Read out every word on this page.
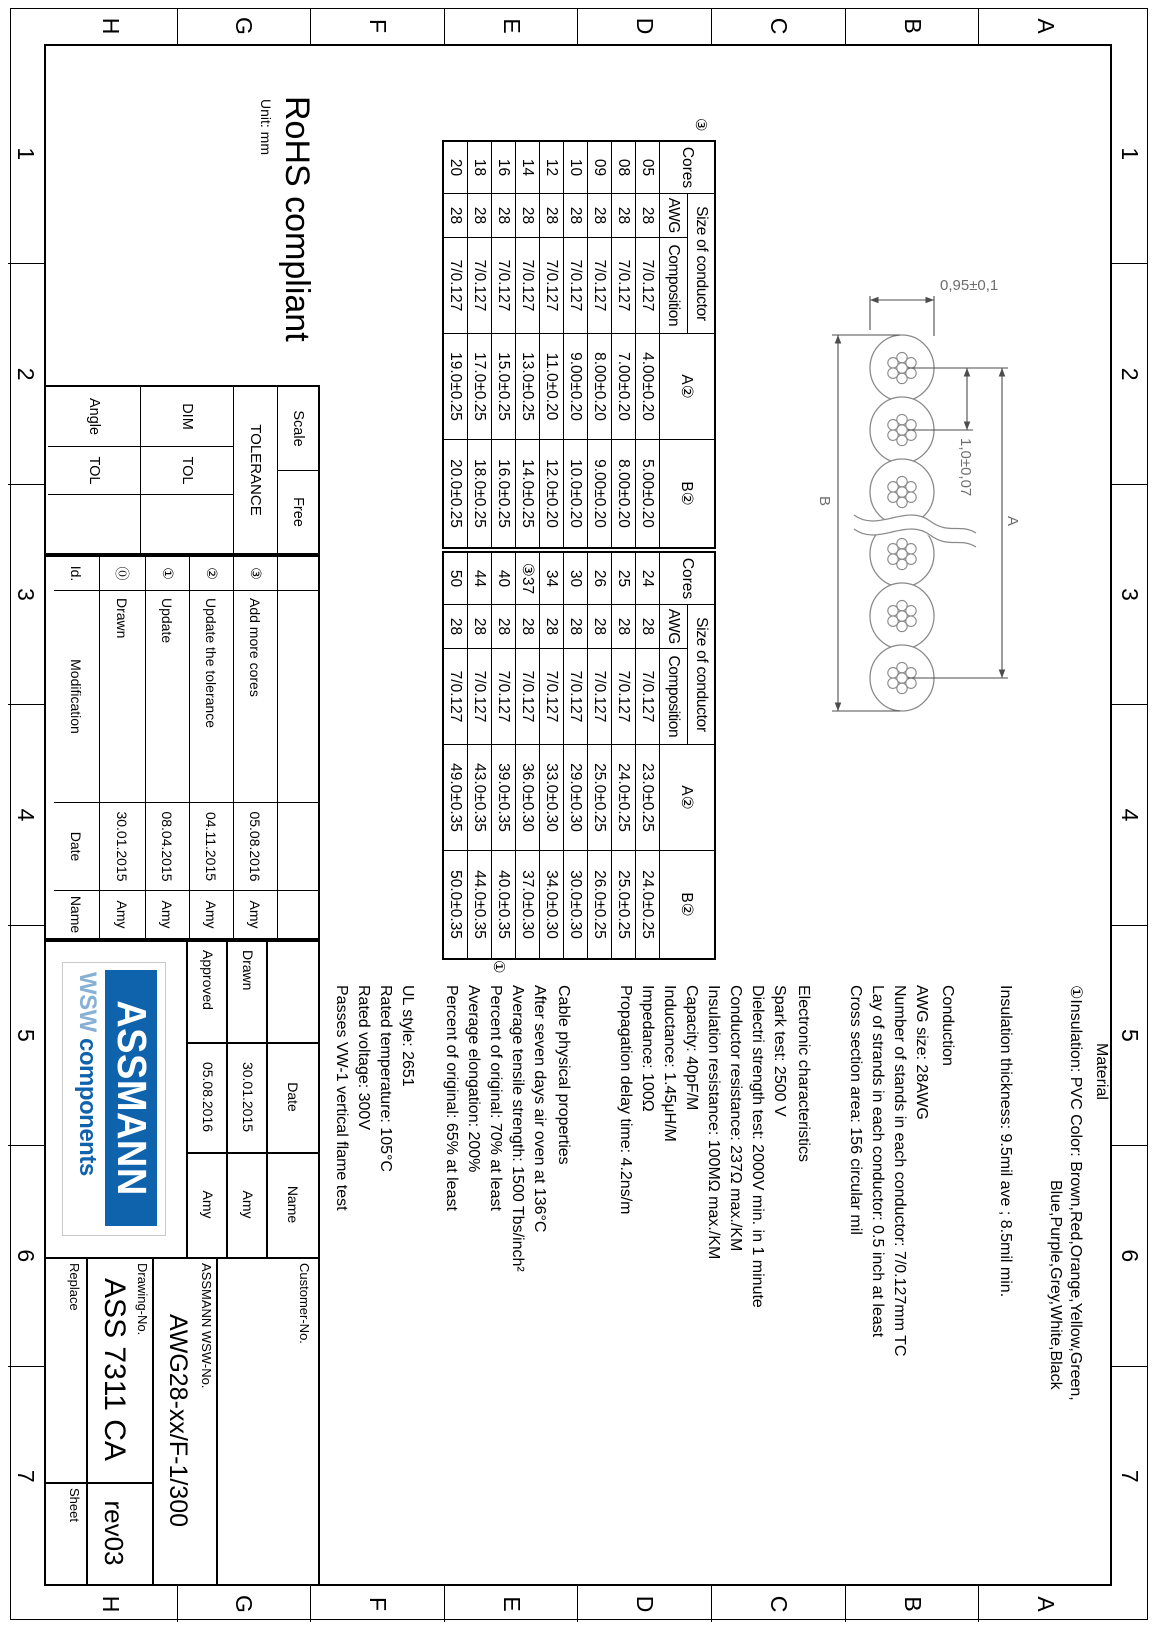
1
2
3
4
5
6
7
1
2
3
4
5
6
7
A
B
C
D
E
F
G
H
A
B
C
D
E
F
G
H
A
B
1,0±0,07
0,95±0,1
③
①
Cores
Size of conductor
AWG
Composition
A②
B②
05
28
7/0.127
4.00±0.20
5.00±0.20
08
28
7/0.127
7.00±0.20
8.00±0.20
09
28
7/0.127
8.00±0.20
9.00±0.20
10
28
7/0.127
9.00±0.20
10.0±0.20
12
28
7/0.127
11.0±0.20
12.0±0.20
14
28
7/0.127
13.0±0.25
14.0±0.25
16
28
7/0.127
15.0±0.25
16.0±0.25
18
28
7/0.127
17.0±0.25
18.0±0.25
20
28
7/0.127
19.0±0.25
20.0±0.25
Cores
Size of conductor
AWG
Composition
A②
B②
24
28
7/0.127
23.0±0.25
24.0±0.25
25
28
7/0.127
24.0±0.25
25.0±0.25
26
28
7/0.127
25.0±0.25
26.0±0.25
30
28
7/0.127
29.0±0.30
30.0±0.30
34
28
7/0.127
33.0±0.30
34.0±0.30
③37
28
7/0.127
36.0±0.30
37.0±0.30
40
28
7/0.127
39.0±0.35
40.0±0.35
44
28
7/0.127
43.0±0.35
44.0±0.35
50
28
7/0.127
49.0±0.35
50.0±0.35
Material
①Insulation: PVC Color: Brown,Red,Orange,Yellow,Green,
Blue,Purple,Grey,White,Black
Insulation thickness: 9.5mil ave ; 8.5mil min.
Conduction
AWG size: 28AWG
Number of stands in each conductor: 7/0.127mm TC
Lay of strands in each conductor: 0.5 inch at least
Cross section area: 156 circular mil
Electronic characteristics
Spark test: 2500 V
Dielectri strength test: 2000V min. in 1 minute
Conductor resistance: 237Ω max./KM
Insulation resistance: 100MΩ max./KM
Capacity: 40pF/M
Inductance: 1.45μH/M
Impedance: 100Ω
Propagation delay time: 4.2ns/m
Cable physical properties
After seven days air oven at 136°C
Average tensile strength: 1500 Tbs/inch²
Percent of original: 70% at least
Average elongation: 200%
Percent of original: 65% at least
UL style: 2651
Rated temperature: 105°C
Rated voltage: 300V
Passes VW-1 vertical flame test
RoHS compliant
Unit: mm
Scale
Free
TOLERANCE
DIM
TOL
Angle
TOL
③
Add more cores
05.08.2016
Amy
②
Update the tolerance
04.11.2015
Amy
①
Update
08.04.2015
Amy
⓪
Drawn
30.01.2015
Amy
Id.
Modification
Date
Name
Date
Name
Drawn
30.01.2015
Amy
Approved
05.08.2016
Amy
ASSMANN
WSW components
Customer-No.
ASSMANN WSW-No.
AWG28-xx/F-1/300
Drawing-No.
ASS 7311 CA
rev03
Replace
Sheet
